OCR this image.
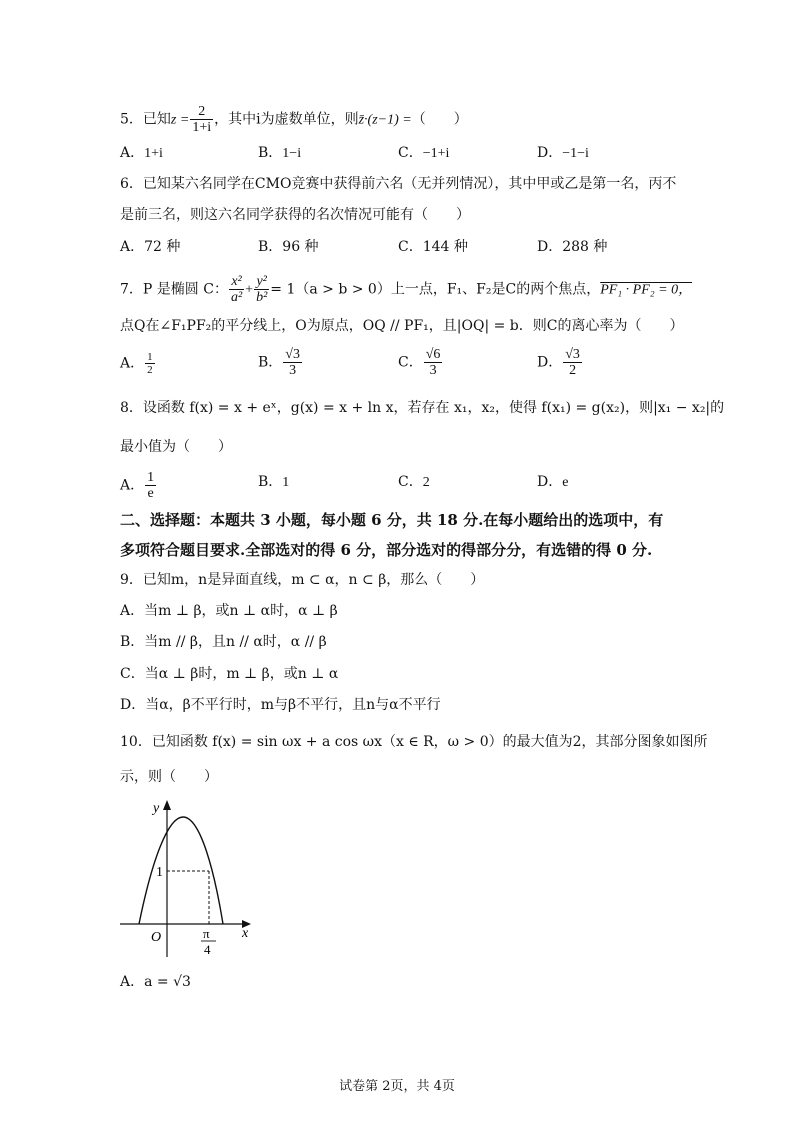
5．已知$z = \frac{2}{1+i}$ ，其中i为虚数单位，则z̄·(z−1) =（　　）
A．1+i	B．1−i	C．−1+i	D．−1−i
6．已知某六名同学在CMO竞赛中获得前六名（无并列情况），其中甲或乙是第一名，丙不
是前三名，则这六名同学获得的名次情况可能有（　　）
A．72 种	B．96 种	C．144 种	D．288 种
7．P 是椭圆 C： $\frac{\text{x²}}{\text{a²}} + \frac{\text{y²}}{\text{b²}} = 1(a > b > 0)$上一点，F₁、F₂是C的两个焦点，PF₁ · PF₂ = 0，
点Q在∠F₁PF₂的平分线上，O为原点，OQ // PF₁，且|OQ| = b．则C的离心率为（　　）
A． $\frac{1}{2}$	B． $\frac{√3}{3}$	C． $\frac{√6}{3}$	D． $\frac{√3}{2}$
8．设函数 f(x) = x + eˣ，g(x) = x + ln x，若存在 x₁，x₂，使得 f(x₁) = g(x₂)，则|x₁ − x₂|的
最小值为（　　）
A． $\frac{1}{e}$	B．1	C．2	D．e
二、选择题：本题共 3 小题，每小题 6 分，共 18 分.在每小题给出的选项中，有
多项符合题目要求.全部选对的得 6 分，部分选对的得部分分，有选错的得 0 分.
9．已知m，n是异面直线，m ⊂ α，n ⊂ β，那么（　　）
A．当m ⊥ β，或n ⊥ α时，α ⊥ β
B．当m // β，且n // α时，α // β
C．当α ⊥ β时，m ⊥ β，或n ⊥ α
D．当α，β不平行时，m与β不平行，且n与α不平行
10．已知函数 f(x) = sin ωx + a cos ωx（x ∈ R，ω > 0）的最大值为2，其部分图象如图所
示，则（　　）
y
x
O
1
π
4
A．a = √3
试卷第 2页，共 4页
